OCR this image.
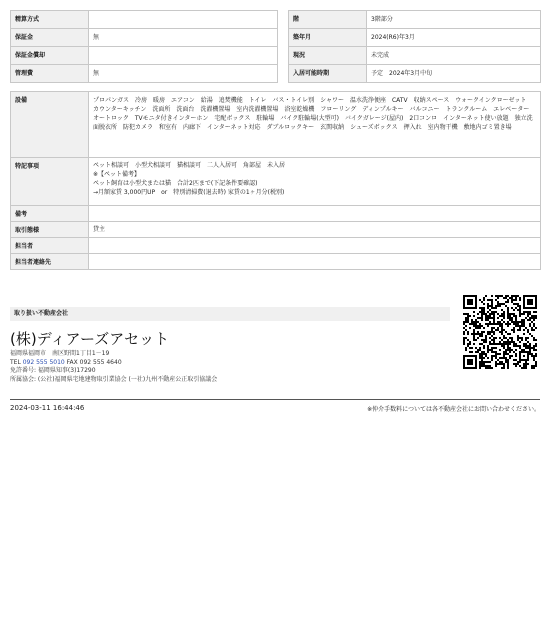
精算方式			階	3階部分
保証金	無		築年月	2024(R6)年3月
保証金償却			現況	未完成
管理費	無		入居可能時期	予定　2024年3月中旬
設備	プロパンガス　冷房　暖房　エアコン　給湯　追焚機能　トイレ　バス・トイレ別　シャワー　温水洗浄便座　CATV　収納スペース　ウォークインクローゼット　カウンターキッチン　洗面所　洗面台　洗濯機置場　室内洗濯機置場　浴室乾燥機　フローリング　ディンプルキー　バルコニー　トランクルーム　エレベーター　オートロック　TVモニタ付きインターホン　宅配ボックス　駐輪場　バイク駐輪場(大型可)　バイクガレージ(屋内)　2口コンロ　インターネット使い放題　独立洗面脱衣所　防犯カメラ　和室有　内廊下　インターネット対応　ダブルロックキー　玄関収納　シューズボックス　押入れ　室内物干機　敷地内ゴミ置き場
特記事項	ペット相談可　小型犬相談可　猫相談可　二人入居可　角部屋　未入居
※【ペット備考】
ペット飼育は小型犬または猫　合計2匹まで(下記条件要確認)
→月額家賃 3,000円UP　or　特別清掃費(退去時) 家賃の1ヶ月分(税別)

備考	
取引態様	貸主
担当者	
担当者連絡先	
取り扱い不動産会社
(株)ディアーズアセット
福岡県福岡市　南区野間1丁目1－19
TEL 092 555 5010 FAX 092 555 4640
免許番号: 福岡県知事(3)17290
所属協会: (公社)福岡県宅地建物取引業協会 (一社)九州不動産公正取引協議会
2024-03-11 16:44:46	※仲介手数料については各不動産会社にお問い合わせください。
